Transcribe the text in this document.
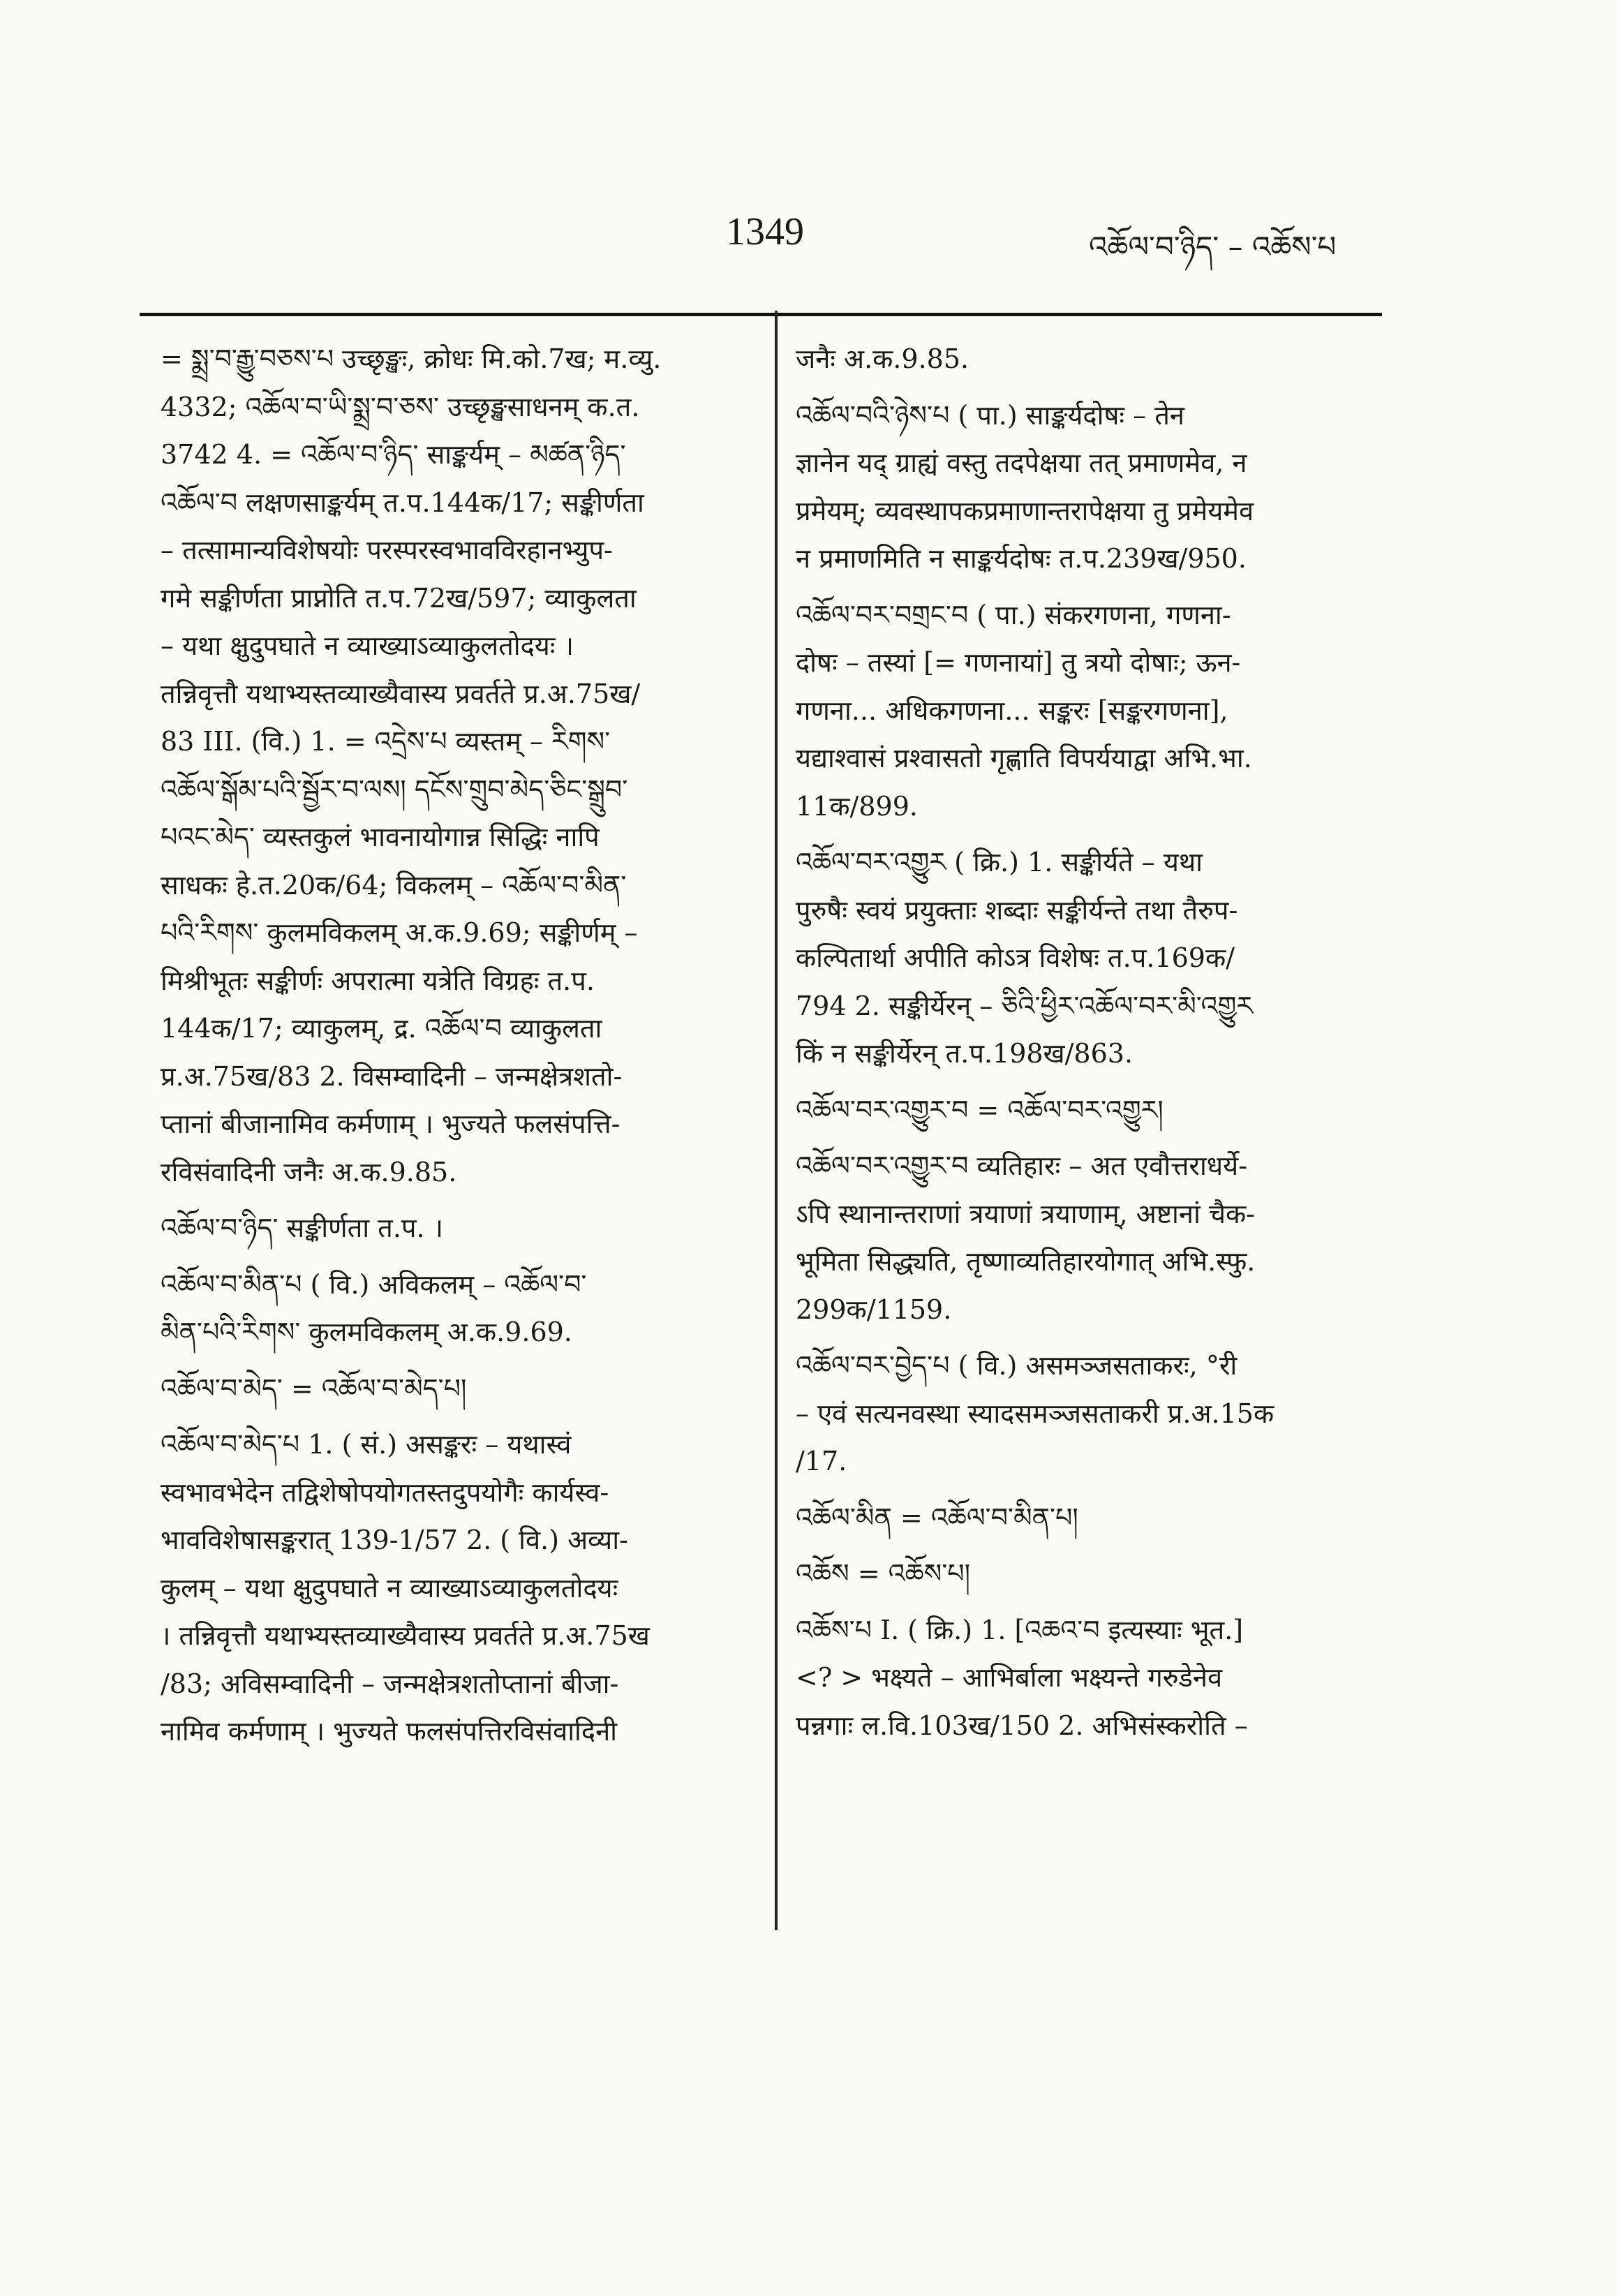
1349	འཆོལ་བ་ཉིད་ – འཆོས་པ
= སྨྲ་བ་རྒྱུ་བཅས་པ उच्छृङ्खः, क्रोधः मि.को.7ख; म.व्यु.
4332; འཆོལ་བ་ཡི་སྨྲ་བ་ཅས་ उच्छृङ्खसाधनम् क.त.
3742 4. = འཆོལ་བ་ཉིད་ साङ्कर्यम् – མཚན་ཉིད་
འཆོལ་བ लक्षणसाङ्कर्यम् त.प.144क/17; सङ्कीर्णता
– तत्सामान्यविशेषयोः परस्परस्वभावविरहानभ्युप-
गमे सङ्कीर्णता प्राप्नोति त.प.72ख/597; व्याकुलता
– यथा क्षुदुपघाते न व्याख्याऽव्याकुलतोदयः ।
तन्निवृत्तौ यथाभ्यस्तव्याख्यैवास्य प्रवर्तते प्र.अ.75ख/
83 III. (वि.) 1. = འདྲེས་པ व्यस्तम् – རིགས་
འཆོལ་སྒོམ་པའི་སྦྱོར་བ་ལས། དངོས་གྲུབ་མེད་ཅིང་སྒྲུབ་
པའང་མེད་ व्यस्तकुलं भावनायोगान्न सिद्धिः नापि
साधकः हे.त.20क/64; विकलम् – འཆོལ་བ་མིན་
པའི་རིགས་ कुलमविकलम् अ.क.9.69; सङ्कीर्णम् –
मिश्रीभूतः सङ्कीर्णः अपरात्मा यत्रेति विग्रहः त.प.
144क/17; व्याकुलम्, द्र. འཆོལ་བ व्याकुलता
प्र.अ.75ख/83 2. विसम्वादिनी – जन्मक्षेत्रशतो-
प्तानां बीजानामिव कर्मणाम् । भुज्यते फलसंपत्ति-
रविसंवादिनी जनैः अ.क.9.85.
འཆོལ་བ་ཉིད་ सङ्कीर्णता त.प. ।
འཆོལ་བ་མིན་པ ( वि.) अविकलम् – འཆོལ་བ་
མིན་པའི་རིགས་ कुलमविकलम् अ.क.9.69.
འཆོལ་བ་མེད་ = འཆོལ་བ་མེད་པ།
འཆོལ་བ་མེད་པ 1. ( सं.) असङ्करः – यथास्वं
स्वभावभेदेन तद्विशेषोपयोगतस्तदुपयोगैः कार्यस्व-
भावविशेषासङ्करात् 139-1/57 2. ( वि.) अव्या-
कुलम् – यथा क्षुदुपघाते न व्याख्याऽव्याकुलतोदयः
। तन्निवृत्तौ यथाभ्यस्तव्याख्यैवास्य प्रवर्तते प्र.अ.75ख
/83; अविसम्वादिनी – जन्मक्षेत्रशतोप्तानां बीजा-
नामिव कर्मणाम् । भुज्यते फलसंपत्तिरविसंवादिनी
जनैः अ.क.9.85.
འཆོལ་བའི་ཉེས་པ ( पा.) साङ्कर्यदोषः – तेन
ज्ञानेन यद् ग्राह्यं वस्तु तदपेक्षया तत् प्रमाणमेव, न
प्रमेयम्; व्यवस्थापकप्रमाणान्तरापेक्षया तु प्रमेयमेव
न प्रमाणमिति न साङ्कर्यदोषः त.प.239ख/950.
འཆོལ་བར་བགྲང་བ ( पा.) संकरगणना, गणना-
दोषः – तस्यां [= गणनायां] तु त्रयो दोषाः; ऊन-
गणना... अधिकगणना... सङ्करः [सङ्करगणना],
यद्याश्वासं प्रश्वासतो गृह्णाति विपर्ययाद्वा अभि.भा.
11क/899.
འཆོལ་བར་འགྱུར ( क्रि.) 1. सङ्कीर्यते – यथा
पुरुषैः स्वयं प्रयुक्ताः शब्दाः सङ्कीर्यन्ते तथा तैरुप-
कल्पितार्था अपीति कोऽत्र विशेषः त.प.169क/
794 2. सङ्कीर्येरन् – ཅིའི་ཕྱིར་འཆོལ་བར་མི་འགྱུར
किं न सङ्कीर्येरन् त.प.198ख/863.
འཆོལ་བར་འགྱུར་བ = འཆོལ་བར་འགྱུར།
འཆོལ་བར་འགྱུར་བ व्यतिहारः – अत एवौत्तराधर्ये-
ऽपि स्थानान्तराणां त्रयाणां त्रयाणाम्, अष्टानां चैक-
भूमिता सिद्ध्यति, तृष्णाव्यतिहारयोगात् अभि.स्फु.
299क/1159.
འཆོལ་བར་བྱེད་པ ( वि.) असमञ्जसताकरः, °री
– एवं सत्यनवस्था स्यादसमञ्जसताकरी प्र.अ.15क
/17.
འཆོལ་མིན = འཆོལ་བ་མིན་པ།
འཆོས = འཆོས་པ།
འཆོས་པ I. ( क्रि.) 1. [འཆའ་བ इत्यस्याः भूत.]
<? > भक्ष्यते – आभिर्बाला भक्ष्यन्ते गरुडेनेव
पन्नगाः ल.वि.103ख/150 2. अभिसंस्करोति –
